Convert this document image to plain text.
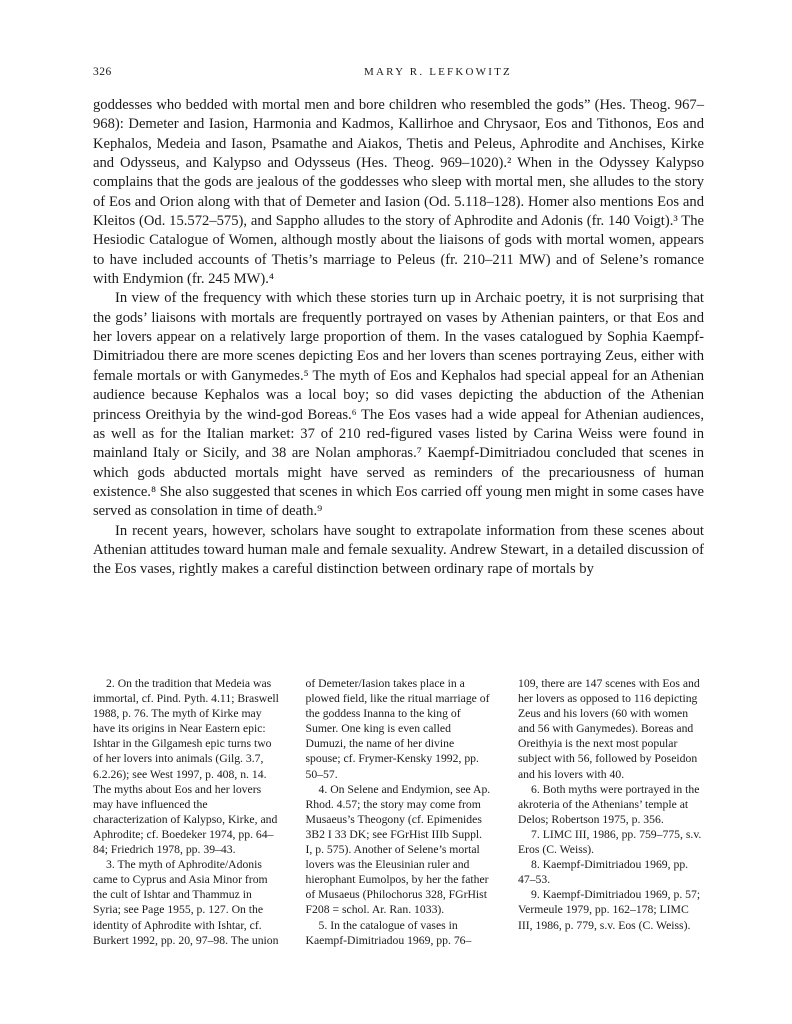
326	MARY R. LEFKOWITZ

goddesses who bedded with mortal men and bore children who resembled the gods” (Hes. Theog. 967–968): Demeter and Iasion, Harmonia and Kadmos, Kallirhoe and Chrysaor, Eos and Tithonos, Eos and Kephalos, Medeia and Iason, Psamathe and Aiakos, Thetis and Peleus, Aphrodite and Anchises, Kirke and Odysseus, and Kalypso and Odysseus (Hes. Theog. 969–1020).² When in the Odyssey Kalypso complains that the gods are jealous of the goddesses who sleep with mortal men, she alludes to the story of Eos and Orion along with that of Demeter and Iasion (Od. 5.118–128). Homer also mentions Eos and Kleitos (Od. 15.572–575), and Sappho alludes to the story of Aphrodite and Adonis (fr. 140 Voigt).³ The Hesiodic Catalogue of Women, although mostly about the liaisons of gods with mortal women, appears to have included accounts of Thetis’s marriage to Peleus (fr. 210–211 MW) and of Selene’s romance with Endymion (fr. 245 MW).⁴

In view of the frequency with which these stories turn up in Archaic poetry, it is not surprising that the gods’ liaisons with mortals are frequently portrayed on vases by Athenian painters, or that Eos and her lovers appear on a relatively large proportion of them. In the vases catalogued by Sophia Kaempf-Dimitriadou there are more scenes depicting Eos and her lovers than scenes portraying Zeus, either with female mortals or with Ganymedes.⁵ The myth of Eos and Kephalos had special appeal for an Athenian audience because Kephalos was a local boy; so did vases depicting the abduction of the Athenian princess Oreithyia by the wind-god Boreas.⁶ The Eos vases had a wide appeal for Athenian audiences, as well as for the Italian market: 37 of 210 red-figured vases listed by Carina Weiss were found in mainland Italy or Sicily, and 38 are Nolan amphoras.⁷ Kaempf-Dimitriadou concluded that scenes in which gods abducted mortals might have served as reminders of the precariousness of human existence.⁸ She also suggested that scenes in which Eos carried off young men might in some cases have served as consolation in time of death.⁹

In recent years, however, scholars have sought to extrapolate information from these scenes about Athenian attitudes toward human male and female sexuality. Andrew Stewart, in a detailed discussion of the Eos vases, rightly makes a careful distinction between ordinary rape of mortals by

2. On the tradition that Medeia was immortal, cf. Pind. Pyth. 4.11; Braswell 1988, p. 76. The myth of Kirke may have its origins in Near Eastern epic: Ishtar in the Gilgamesh epic turns two of her lovers into animals (Gilg. 3.7, 6.2.26); see West 1997, p. 408, n. 14. The myths about Eos and her lovers may have influenced the characterization of Kalypso, Kirke, and Aphrodite; cf. Boedeker 1974, pp. 64–84; Friedrich 1978, pp. 39–43.

3. The myth of Aphrodite/Adonis came to Cyprus and Asia Minor from the cult of Ishtar and Thammuz in Syria; see Page 1955, p. 127. On the identity of Aphrodite with Ishtar, cf. Burkert 1992, pp. 20, 97–98. The union

of Demeter/Iasion takes place in a plowed field, like the ritual marriage of the goddess Inanna to the king of Sumer. One king is even called Dumuzi, the name of her divine spouse; cf. Frymer-Kensky 1992, pp. 50–57.

4. On Selene and Endymion, see Ap. Rhod. 4.57; the story may come from Musaeus’s Theogony (cf. Epimenides 3B2 I 33 DK; see FGrHist IIIb Suppl. I, p. 575). Another of Selene’s mortal lovers was the Eleusinian ruler and hierophant Eumolpos, by her the father of Musaeus (Philochorus 328, FGrHist F208 = schol. Ar. Ran. 1033).

5. In the catalogue of vases in Kaempf-Dimitriadou 1969, pp. 76–

109, there are 147 scenes with Eos and her lovers as opposed to 116 depicting Zeus and his lovers (60 with women and 56 with Ganymedes). Boreas and Oreithyia is the next most popular subject with 56, followed by Poseidon and his lovers with 40.

6. Both myths were portrayed in the akroteria of the Athenians’ temple at Delos; Robertson 1975, p. 356.

7. LIMC III, 1986, pp. 759–775, s.v. Eros (C. Weiss).

8. Kaempf-Dimitriadou 1969, pp. 47–53.

9. Kaempf-Dimitriadou 1969, p. 57; Vermeule 1979, pp. 162–178; LIMC III, 1986, p. 779, s.v. Eos (C. Weiss).
